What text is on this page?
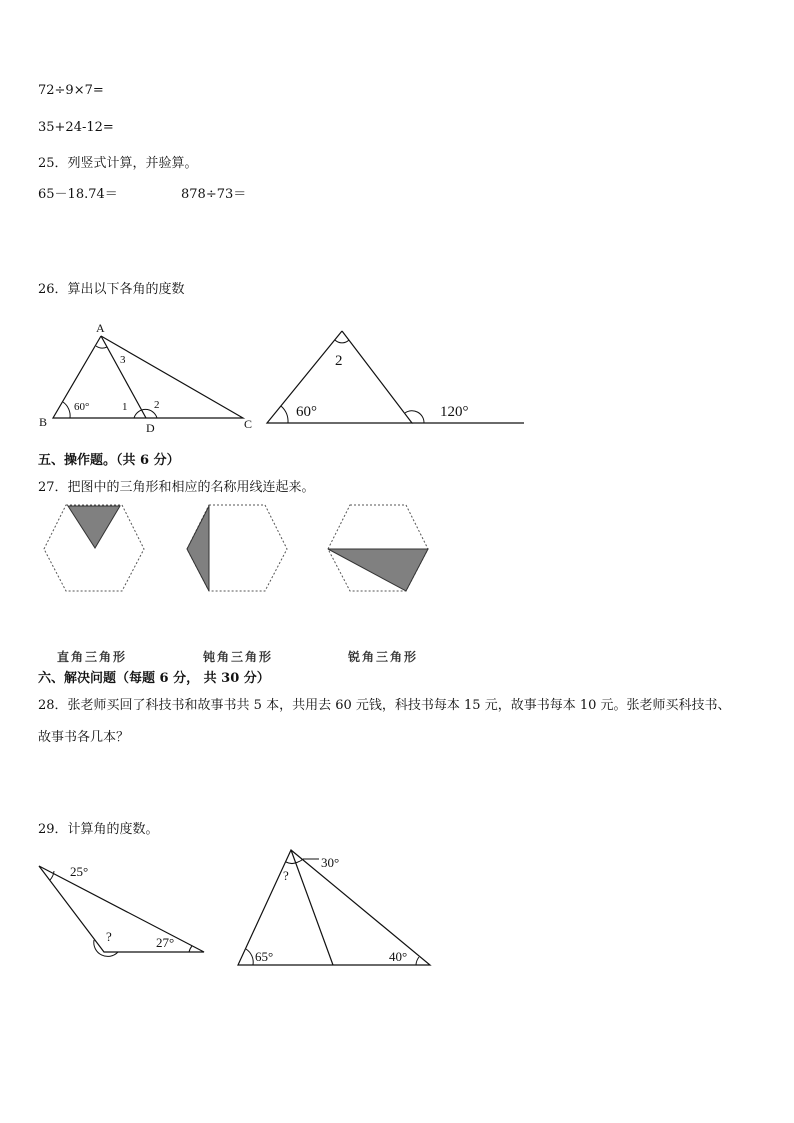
72÷9×7=
35+24-12=
25．列竖式计算，并验算。
65－18.74＝	878÷73＝
26．算出以下各角的度数
A
B	C
D
60°	1 2
3	2
60°	120°
五、操作题。（共 6 分）
27．把图中的三角形和相应的名称用线连起来。
直角三角形	钝角三角形	锐角三角形
六、解决问题（每题 6 分， 共 30 分）
28．张老师买回了科技书和故事书共 5 本，共用去 60 元钱，科技书每本 15 元，故事书每本 10 元。张老师买科技书、
故事书各几本？
29．计算角的度数。
25°
?	27°
30°
?
65°	40°
